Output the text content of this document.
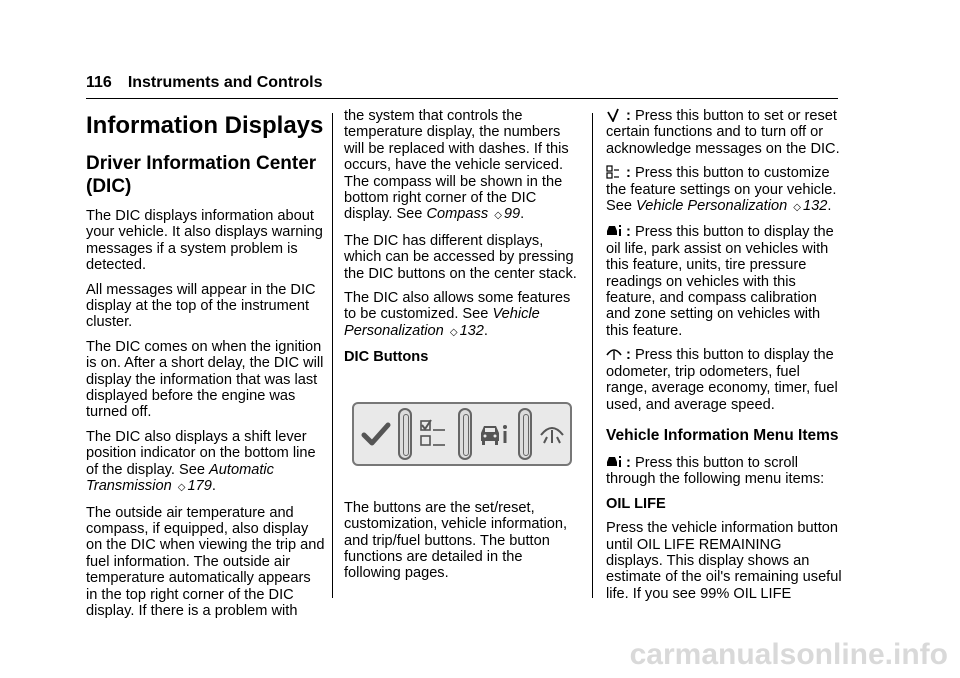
116 Instruments and Controls
Information Displays
Driver Information Center (DIC)

The DIC displays information about your vehicle. It also displays warning messages if a system problem is detected.

All messages will appear in the DIC display at the top of the instrument cluster.

The DIC comes on when the ignition is on. After a short delay, the DIC will display the information that was last displayed before the engine was turned off.

The DIC also displays a shift lever position indicator on the bottom line of the display. See Automatic Transmission ◇ 179.

The outside air temperature and compass, if equipped, also display on the DIC when viewing the trip and fuel information. The outside air temperature automatically appears in the top right corner of the DIC display. If there is a problem with

the system that controls the temperature display, the numbers will be replaced with dashes. If this occurs, have the vehicle serviced. The compass will be shown in the bottom right corner of the DIC display. See Compass ◇ 99.

The DIC has different displays, which can be accessed by pressing the DIC buttons on the center stack.

The DIC also allows some features to be customized. See Vehicle Personalization ◇ 132.

DIC Buttons

The buttons are the set/reset, customization, vehicle information, and trip/fuel buttons. The button functions are detailed in the following pages.

: Press this button to set or reset certain functions and to turn off or acknowledge messages on the DIC.

: Press this button to customize the feature settings on your vehicle. See Vehicle Personalization ◇ 132.

: Press this button to display the oil life, park assist on vehicles with this feature, units, tire pressure readings on vehicles with this feature, and compass calibration and zone setting on vehicles with this feature.

: Press this button to display the odometer, trip odometers, fuel range, average economy, timer, fuel used, and average speed.

Vehicle Information Menu Items

: Press this button to scroll through the following menu items:

OIL LIFE

Press the vehicle information button until OIL LIFE REMAINING displays. This display shows an estimate of the oil's remaining useful life. If you see 99% OIL LIFE

carmanualsonline.info
